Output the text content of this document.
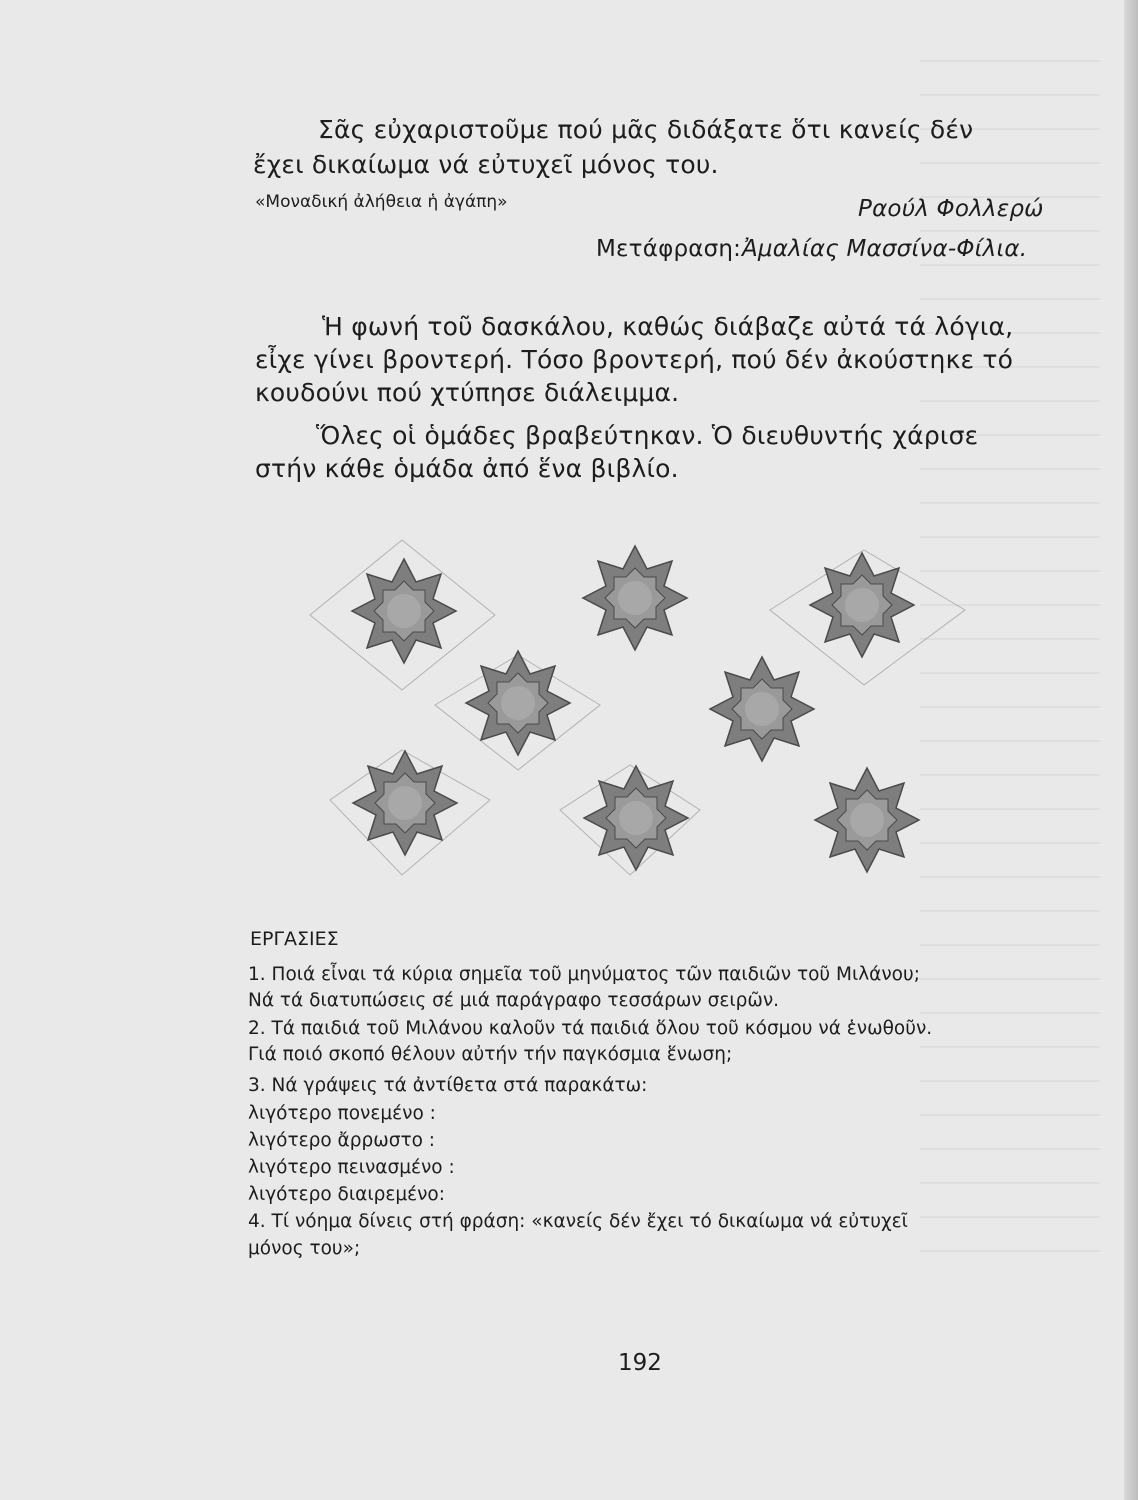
Σᾶς εὐχαριστοῦμε πού μᾶς διδάξατε ὅτι κανείς δέν

ἔχει δικαίωμα νά εὐτυχεῖ μόνος του.

«Μοναδική ἀλήθεια ἡ ἀγάπη»	Ραούλ Φολλερώ

Μετάφραση: Ἀμαλίας Μασσίνα-Φίλια.

Ἡ φωνή τοῦ δασκάλου, καθώς διάβαζε αὐτά τά λόγια,

εἶχε γίνει βροντερή. Τόσο βροντερή, πού δέν ἀκούστηκε τό

κουδούνι πού χτύπησε διάλειμμα.

Ὅλες οἱ ὁμάδες βραβεύτηκαν. Ὁ διευθυντής χάρισε

στήν κάθε ὁμάδα ἀπό ἕνα βιβλίο.

ΕΡΓΑΣΙΕΣ

1. Ποιά εἶναι τά κύρια σημεῖα τοῦ μηνύματος τῶν παιδιῶν τοῦ Μιλάνου;

Νά τά διατυπώσεις σέ μιά παράγραφο τεσσάρων σειρῶν.

2. Τά παιδιά τοῦ Μιλάνου καλοῦν τά παιδιά ὅλου τοῦ κόσμου νά ἑνωθοῦν.

Γιά ποιό σκοπό θέλουν αὐτήν τήν παγκόσμια ἕνωση;

3. Νά γράψεις τά ἀντίθετα στά παρακάτω:

λιγότερο πονεμένο :

λιγότερο ἄρρωστο :

λιγότερο πεινασμένο :

λιγότερο διαιρεμένο:

4. Τί νόημα δίνεις στή φράση: «κανείς δέν ἔχει τό δικαίωμα νά εὐτυχεῖ

μόνος του»;

192
